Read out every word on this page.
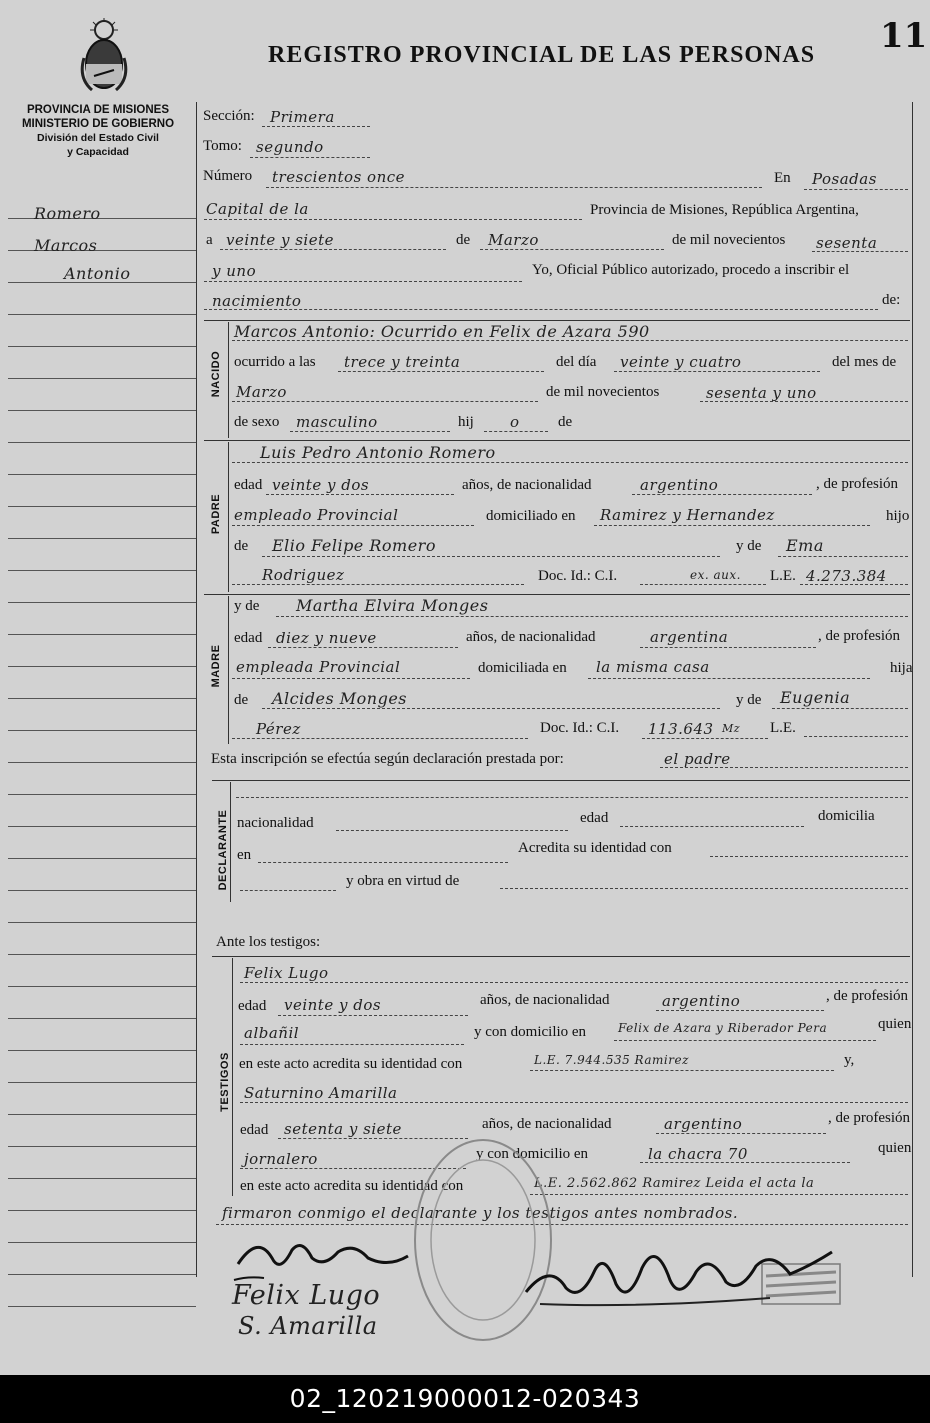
REGISTRO PROVINCIAL DE LAS PERSONAS 11
PROVINCIA DE MISIONES
MINISTERIO DE GOBIERNO
División del Estado Civil
y Capacidad
Romero
Marcos
Antonio
Sección: Primera
Tomo: segundo
Número trescientos once	En Posadas
Capital de la	Provincia de Misiones, República Argentina,
a veinte y siete	de Marzo	de mil novecientos sesenta
y uno	Yo, Oficial Público autorizado, procedo a inscribir el
nacimiento	de:
NACIDO
Marcos Antonio: Ocurrido en Felix de Azara 590
ocurrido a las trece y treinta	del día veinte y cuatro	del mes de
Marzo	de mil novecientos	sesenta y uno
de sexo masculino	hij o	de
PADRE
Luis Pedro Antonio Romero
edad veinte y dos	años, de nacionalidad	argentino	, de profesión
empleado Provincial	domiciliado en Ramirez y Hernandez	hijo
de Elio Felipe Romero	y de Ema
Rodriguez	Doc. Id.: C.I.	ex. aux. L.E. 4.273.384
MADRE
y de Martha Elvira Monges
edad diez y nueve	años, de nacionalidad	argentina	, de profesión
empleada Provincial	domiciliada en la misma casa	hija
de Alcides Monges	y de Eugenia
Pérez	Doc. Id.: C.I. 113.643 Mz L.E.
Esta inscripción se efectúa según declaración prestada por:	el padre
DECLARANTE nacionalidad	edad	domicilia
en	Acredita su identidad con
y obra en virtud de
Ante los testigos:
TESTIGOS
Felix Lugo
edad veinte y dos	años, de nacionalidad	argentino	, de profesión
albañil	y con domicilio en	Felix de Azara y Riberador Pera	quien
en este acto acredita su identidad con	L.E. 7.944.535 Ramirez	y,
Saturnino Amarilla
edad setenta y siete	años, de nacionalidad	argentino	, de profesión
jornalero	y con domicilio en	la chacra 70	quien
en este acto acredita su identidad con	L.E. 2.562.862 Ramirez Leida el acta la
firmaron conmigo el declarante y los testigos antes nombrados.
Felix Lugo
S. Amarilla
02_120219000012-020343
